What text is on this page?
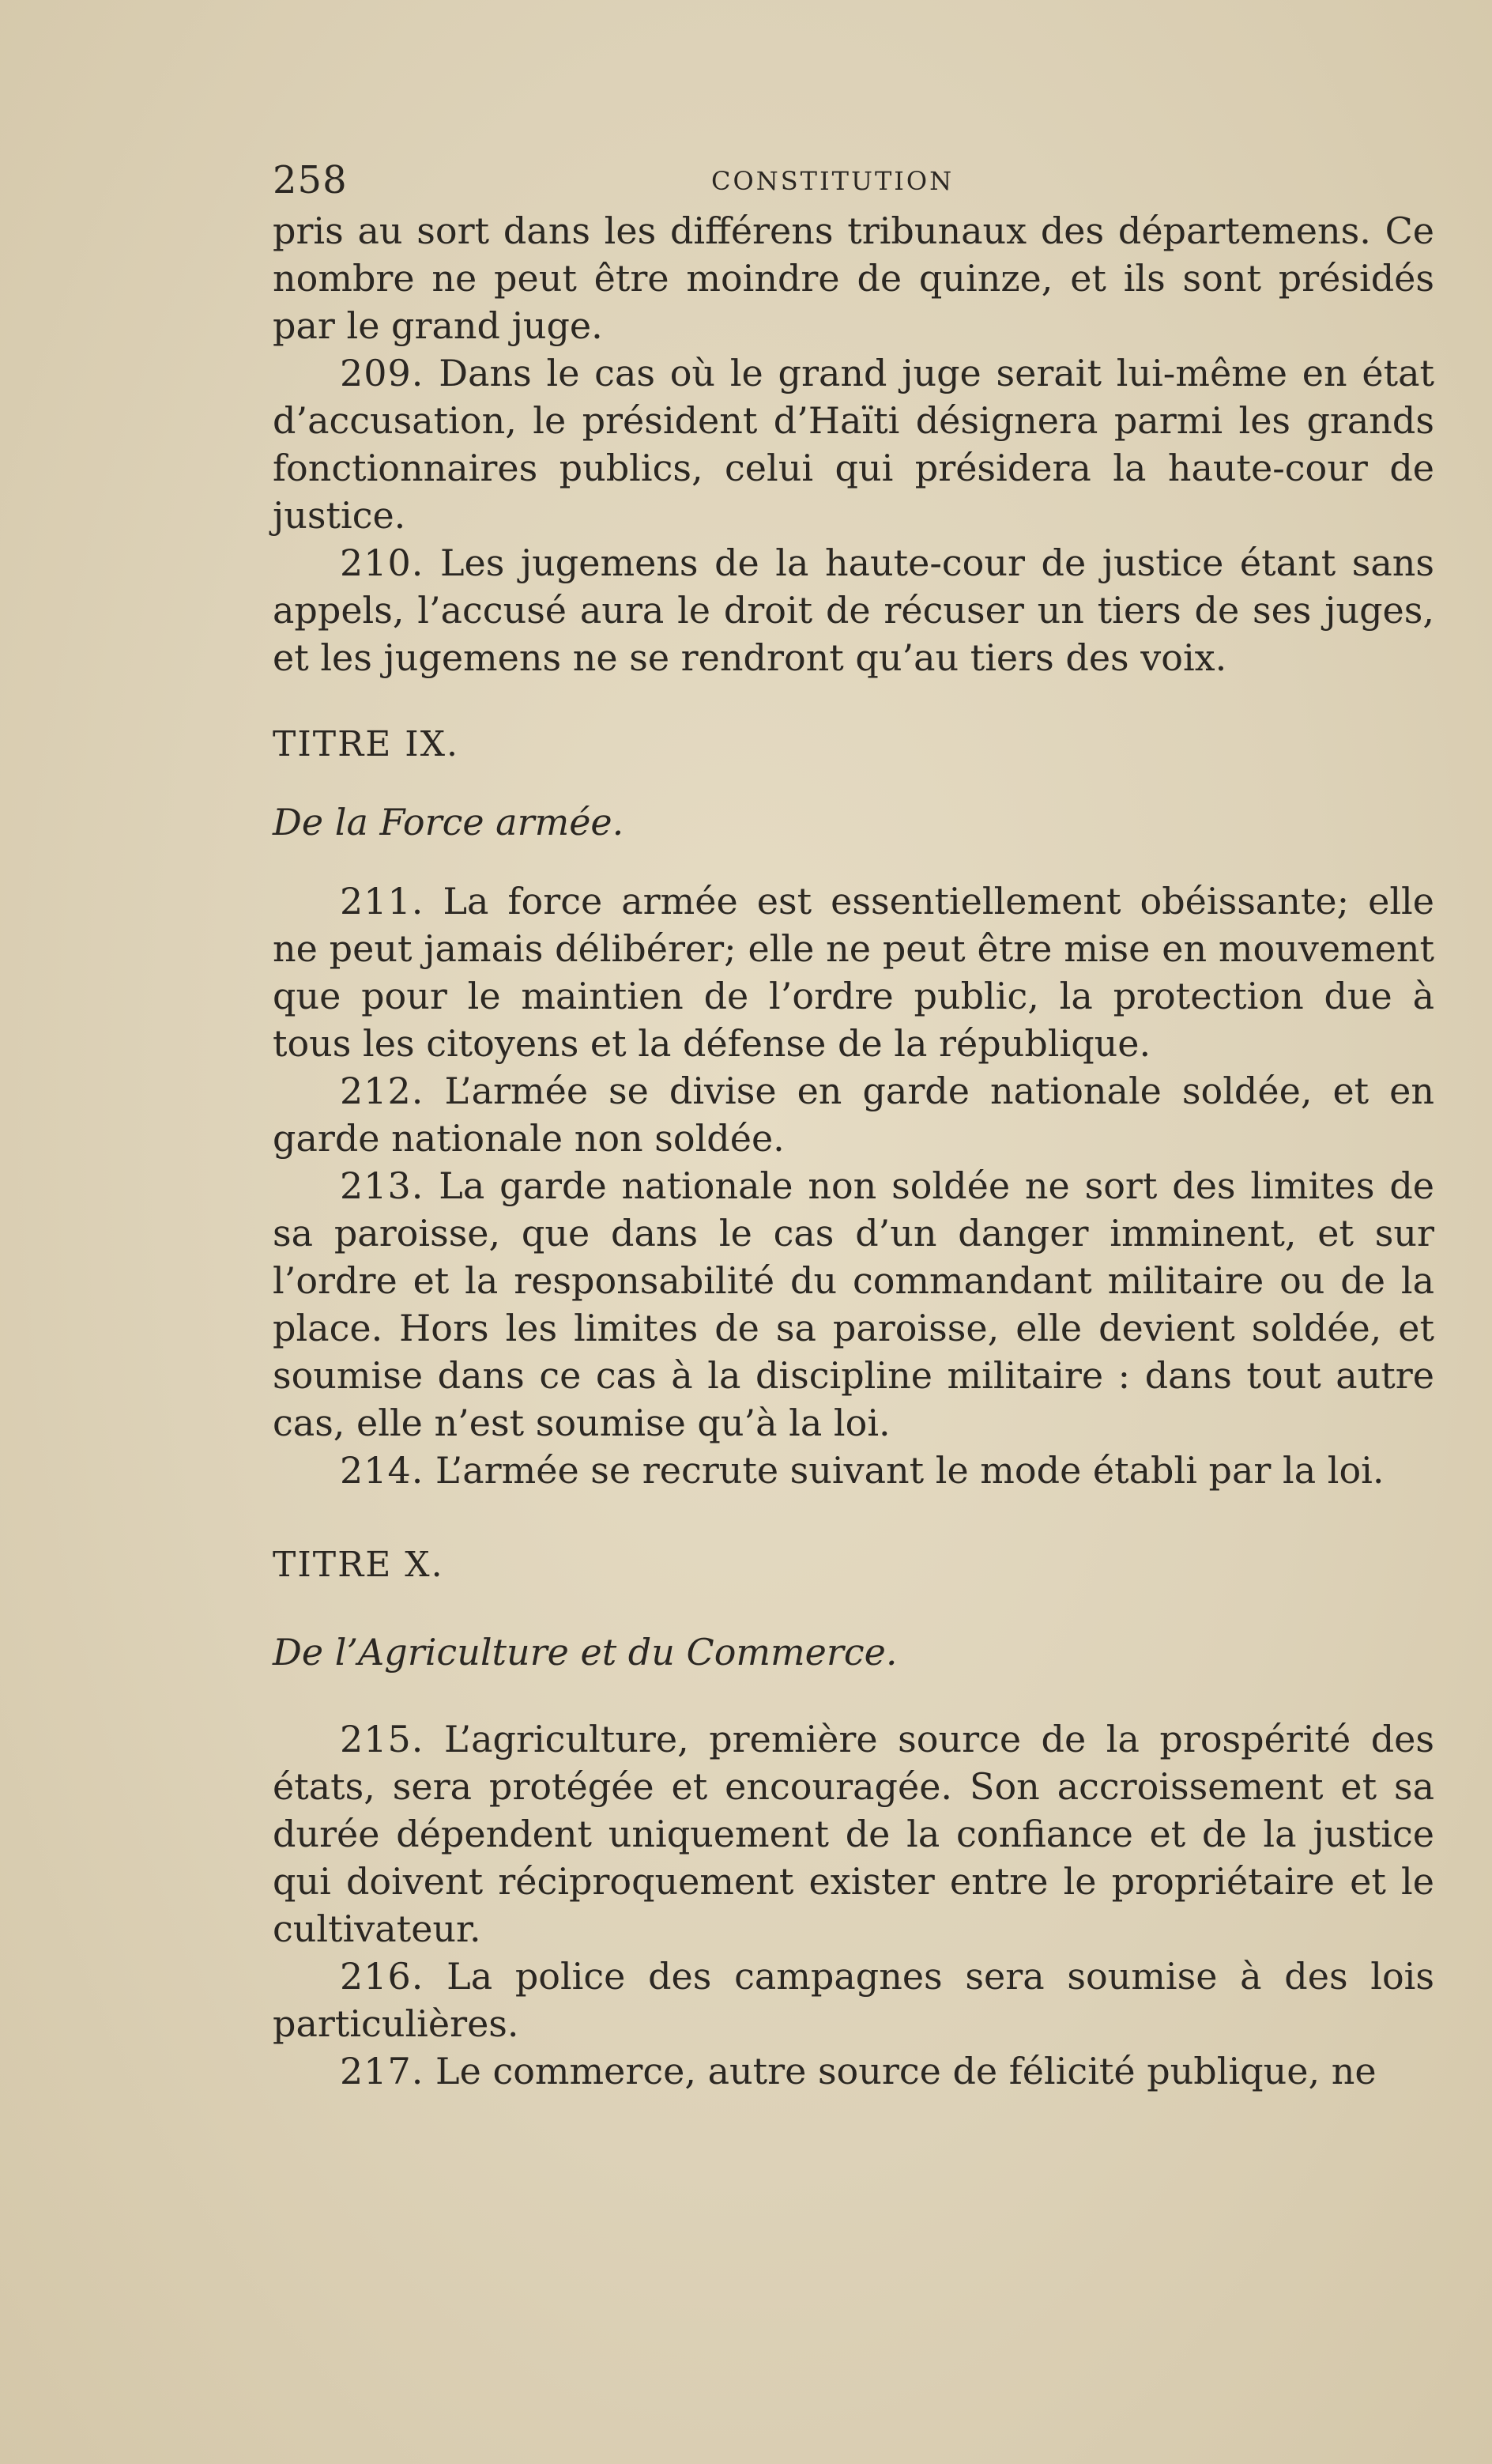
258	CONSTITUTION

pris au sort dans les différens tribunaux des départemens. Ce nombre ne peut être moindre de quinze, et ils sont présidés par le grand juge.

209. Dans le cas où le grand juge serait lui-même en état d’accusation, le président d’Haïti désignera parmi les grands fonctionnaires publics, celui qui présidera la haute-cour de justice.

210. Les jugemens de la haute-cour de justice étant sans appels, l’accusé aura le droit de récuser un tiers de ses juges, et les jugemens ne se rendront qu’au tiers des voix.

TITRE IX.

De la Force armée.

211. La force armée est essentiellement obéissante; elle ne peut jamais délibérer; elle ne peut être mise en mouvement que pour le maintien de l’ordre public, la protection due à tous les citoyens et la défense de la république.

212. L’armée se divise en garde nationale soldée, et en garde nationale non soldée.

213. La garde nationale non soldée ne sort des limites de sa paroisse, que dans le cas d’un danger imminent, et sur l’ordre et la responsabilité du commandant militaire ou de la place. Hors les limites de sa paroisse, elle devient soldée, et soumise dans ce cas à la discipline militaire : dans tout autre cas, elle n’est soumise qu’à la loi.

214. L’armée se recrute suivant le mode établi par la loi.

TITRE X.

De l’Agriculture et du Commerce.

215. L’agriculture, première source de la prospérité des états, sera protégée et encouragée. Son accroissement et sa durée dépendent uniquement de la confiance et de la justice qui doivent réciproquement exister entre le propriétaire et le cultivateur.

216. La police des campagnes sera soumise à des lois particulières.

217. Le commerce, autre source de félicité publique, ne
